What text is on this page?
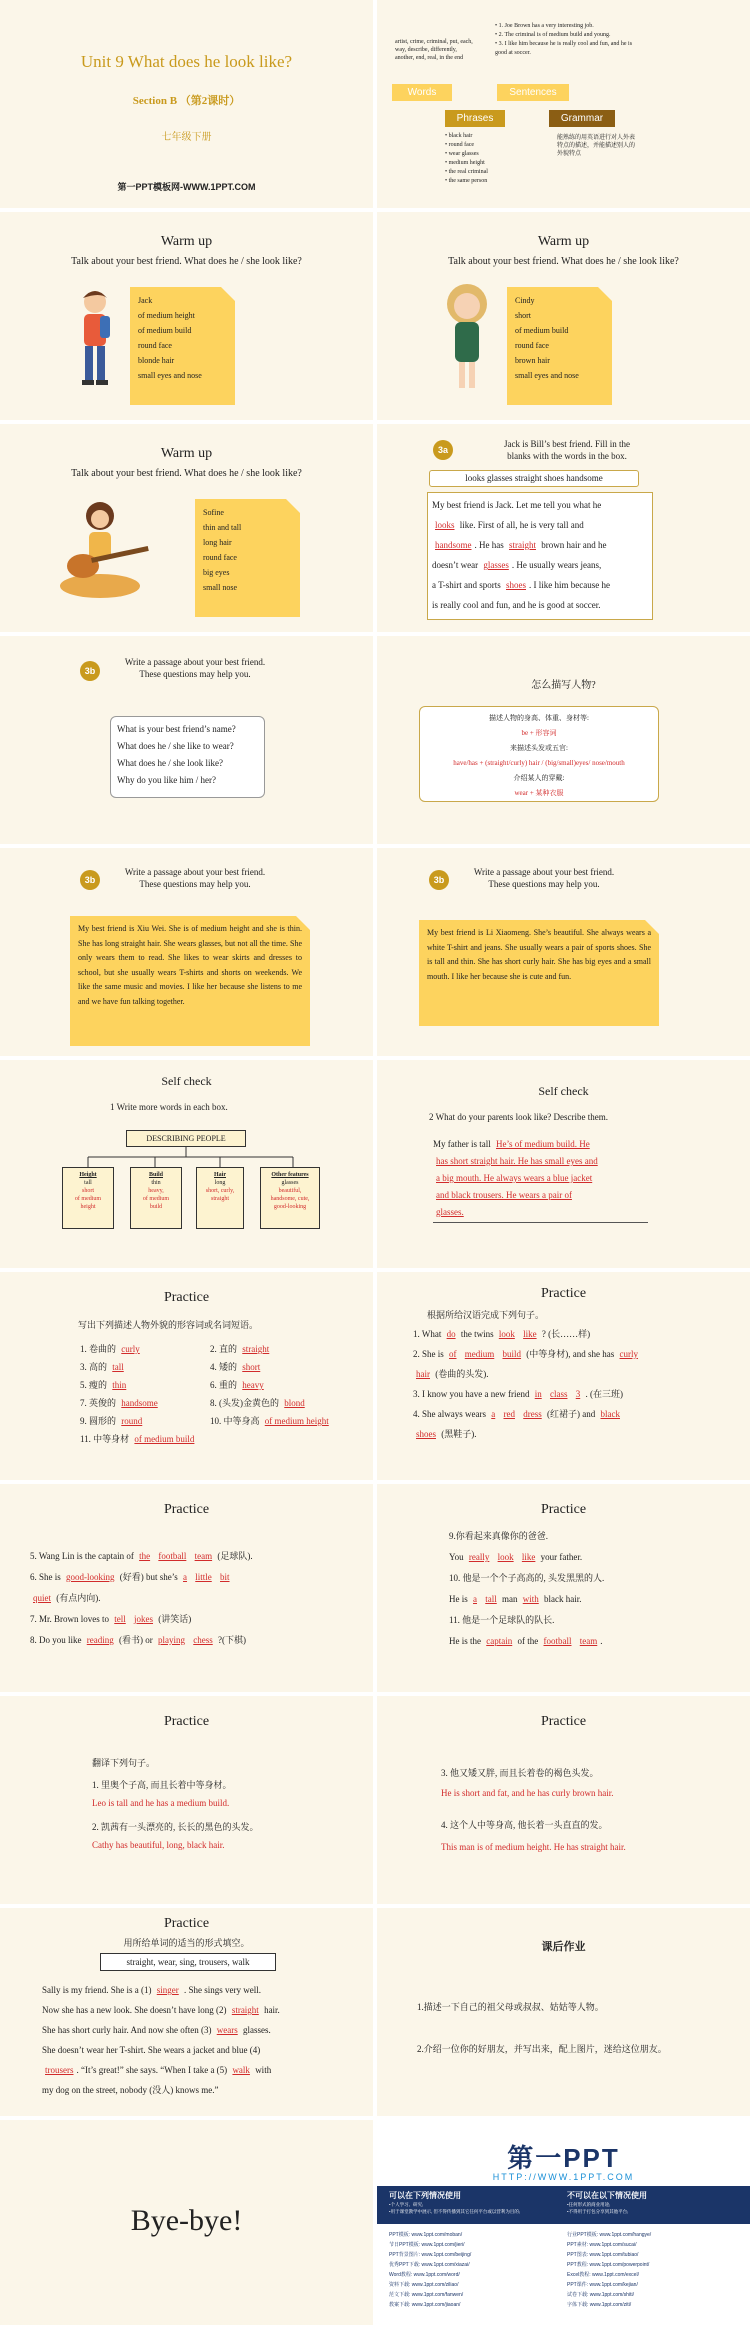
Unit 9 What does he look like?
Section B （第2课时）
七年级下册
第一PPT模板网-WWW.1PPT.COM
artist, crime, criminal, put, each, way, describe, differently, another, end, real, in the end
Words
Phrases
• black hair
• round face
• wear glasses
• medium height
• the real criminal
• the same person
• 1. Joe Brown has a very interesting job.
• 2. The criminal is of medium build and young.
• 3. I like him because he is really cool and fun, and he is good at soccer.
Sentences
Grammar
能熟练的用英语进行对人外表特点的描述，并能描述别人的外貌特点
Warm up
Talk about your best friend. What does he / she look like?
Jack
of medium height
of medium build
round face
blonde hair
small eyes and nose
Warm up
Talk about your best friend. What does he / she look like?
Cindy
short
of medium build
round face
brown hair
small eyes and nose
Warm up
Talk about your best friend. What does he / she look like?
Sofine
thin and tall
long hair
round face
big eyes
small nose
3a
Jack is Bill’s best friend. Fill in the
blanks with the words in the box.
looks glasses straight shoes handsome
My best friend is Jack. Let me tell you what he
looks like. First of all, he is very tall and
handsome . He has straight brown hair and he
doesn’t wear glasses . He usually wears jeans,
a T-shirt and sports shoes . I like him because he
is really cool and fun, and he is good at soccer.
3b
Write a passage about your best friend.
These questions may help you.
What is your best friend’s name?
What does he / she like to wear?
What does he / she look like?
Why do you like him / her?
怎么描写人物?
描述人物的身高、体重、身材等:
be + 形容词
来描述头发或五官:
have/has + (straight/curly) hair / (big/small)eyes/ nose/mouth
介绍某人的穿戴:
wear + 某种衣服
3b
Write a passage about your best friend.
These questions may help you.
My best friend is Xiu Wei. She is of medium height and she is thin. She has long straight hair. She wears glasses, but not all the time. She only wears them to read. She likes to wear skirts and dresses to school, but she usually wears T-shirts and shorts on weekends. We like the same music and movies. I like her because she listens to me and we have fun talking together.
3b
Write a passage about your best friend.
These questions may help you.
My best friend is Li Xiaomeng. She’s beautiful. She always wears a white T-shirt and jeans. She usually wears a pair of sports shoes. She is tall and thin. She has short curly hair. She has big eyes and a small mouth. I like her because she is cute and fun.
Self check
1 Write more words in each box.
DESCRIBING PEOPLE
Height
tall
short
of medium
height
Build
thin
heavy,
of medium
build
Hair
long
short, curly,
straight
Other features
glasses
beautiful,
handsome, cute,
good-looking
Self check
2 What do your parents look like? Describe them.
My father is tall He’s of medium build. He
has short straight hair. He has small eyes and
a big mouth. He always wears a blue jacket
and black trousers. He wears a pair of
glasses.

Practice
写出下列描述人物外貌的形容词或名词短语。
1. 卷曲的 curly	2. 直的 straight
3. 高的 tall	4. 矮的 short
5. 瘦的 thin	6. 重的 heavy
7. 英俊的 handsome	8. (头发)金黄色的 blond
9. 圆形的 round	10. 中等身高 of medium height
11. 中等身材 of medium build
Practice
根据所给汉语完成下列句子。
1. What do the twins look like ? (长……样)
2. She is of medium build (中等身材), and she has curly
hair (卷曲的头发).
3. I know you have a new friend in class 3 . (在三班)
4. She always wears a red dress (红裙子) and black
shoes (黑鞋子).
Practice
5. Wang Lin is the captain of the football team (足球队).
6. She is good-looking (好看) but she’s a little bit
quiet (有点内向).
7. Mr. Brown loves to tell jokes (讲笑话)
8. Do you like reading (看书) or playing chess ?(下棋)
Practice
9.你看起来真像你的爸爸.
You really look like your father.
10. 他是一个个子高高的, 头发黑黑的人.
He is a tall man with black hair.
11. 他是一个足球队的队长.
He is the captain of the football team .
Practice
翻译下列句子。
1. 里奥个子高, 而且长着中等身材。
Leo is tall and he has a medium build.
2. 凯茜有一头漂亮的, 长长的黑色的头发。
Cathy has beautiful, long, black hair.
Practice
3. 他又矮又胖, 而且长着卷的褐色头发。
He is short and fat, and he has curly brown hair.
4. 这个人中等身高, 他长着一头直直的发。
This man is of medium height. He has straight hair.
Practice
用所给单词的适当的形式填空。
straight, wear, sing, trousers, walk
Sally is my friend. She is a (1) singer . She sings very well.
Now she has a new look. She doesn’t have long (2) straight hair.
She has short curly hair. And now she often (3) wears glasses.
She doesn’t wear her T-shirt. She wears a jacket and blue (4)
trousers . “It’s great!” she says. “When I take a (5) walk with
my dog on the street, nobody (没人) knows me.”
课后作业
1.描述一下自己的祖父母或叔叔、姑姑等人物。
2.介绍一位你的好朋友，并写出来，配上图片，迷给这位朋友。
Bye-bye!
第一PPT
HTTP://WWW.1PPT.COM
可以在下列情况使用
•个人学习、研究;
•用于课堂教学中展示, 但不得传播到其它任何平台或以营利为目的;
不可以在以下情况使用
•任何形式的商业用途;
•不得用于打包分享到其他平台;
PPT模板: www.1ppt.com/moban/
节日PPT模板: www.1ppt.com/jieri/
PPT背景图片: www.1ppt.com/beijing/
优秀PPT下载: www.1ppt.com/xiazai/
Word教程: www.1ppt.com/word/
资料下载: www.1ppt.com/ziliao/
范文下载: www.1ppt.com/fanwen/
教案下载: www.1ppt.com/jiaoan/
行业PPT模板: www.1ppt.com/hangye/
PPT素材: www.1ppt.com/sucai/
PPT图表: www.1ppt.com/tubiao/
PPT教程: www.1ppt.com/powerpoint/
Excel教程: www.1ppt.com/excel/
PPT课件: www.1ppt.com/kejian/
试卷下载: www.1ppt.com/shiti/
字体下载: www.1ppt.com/ziti/
